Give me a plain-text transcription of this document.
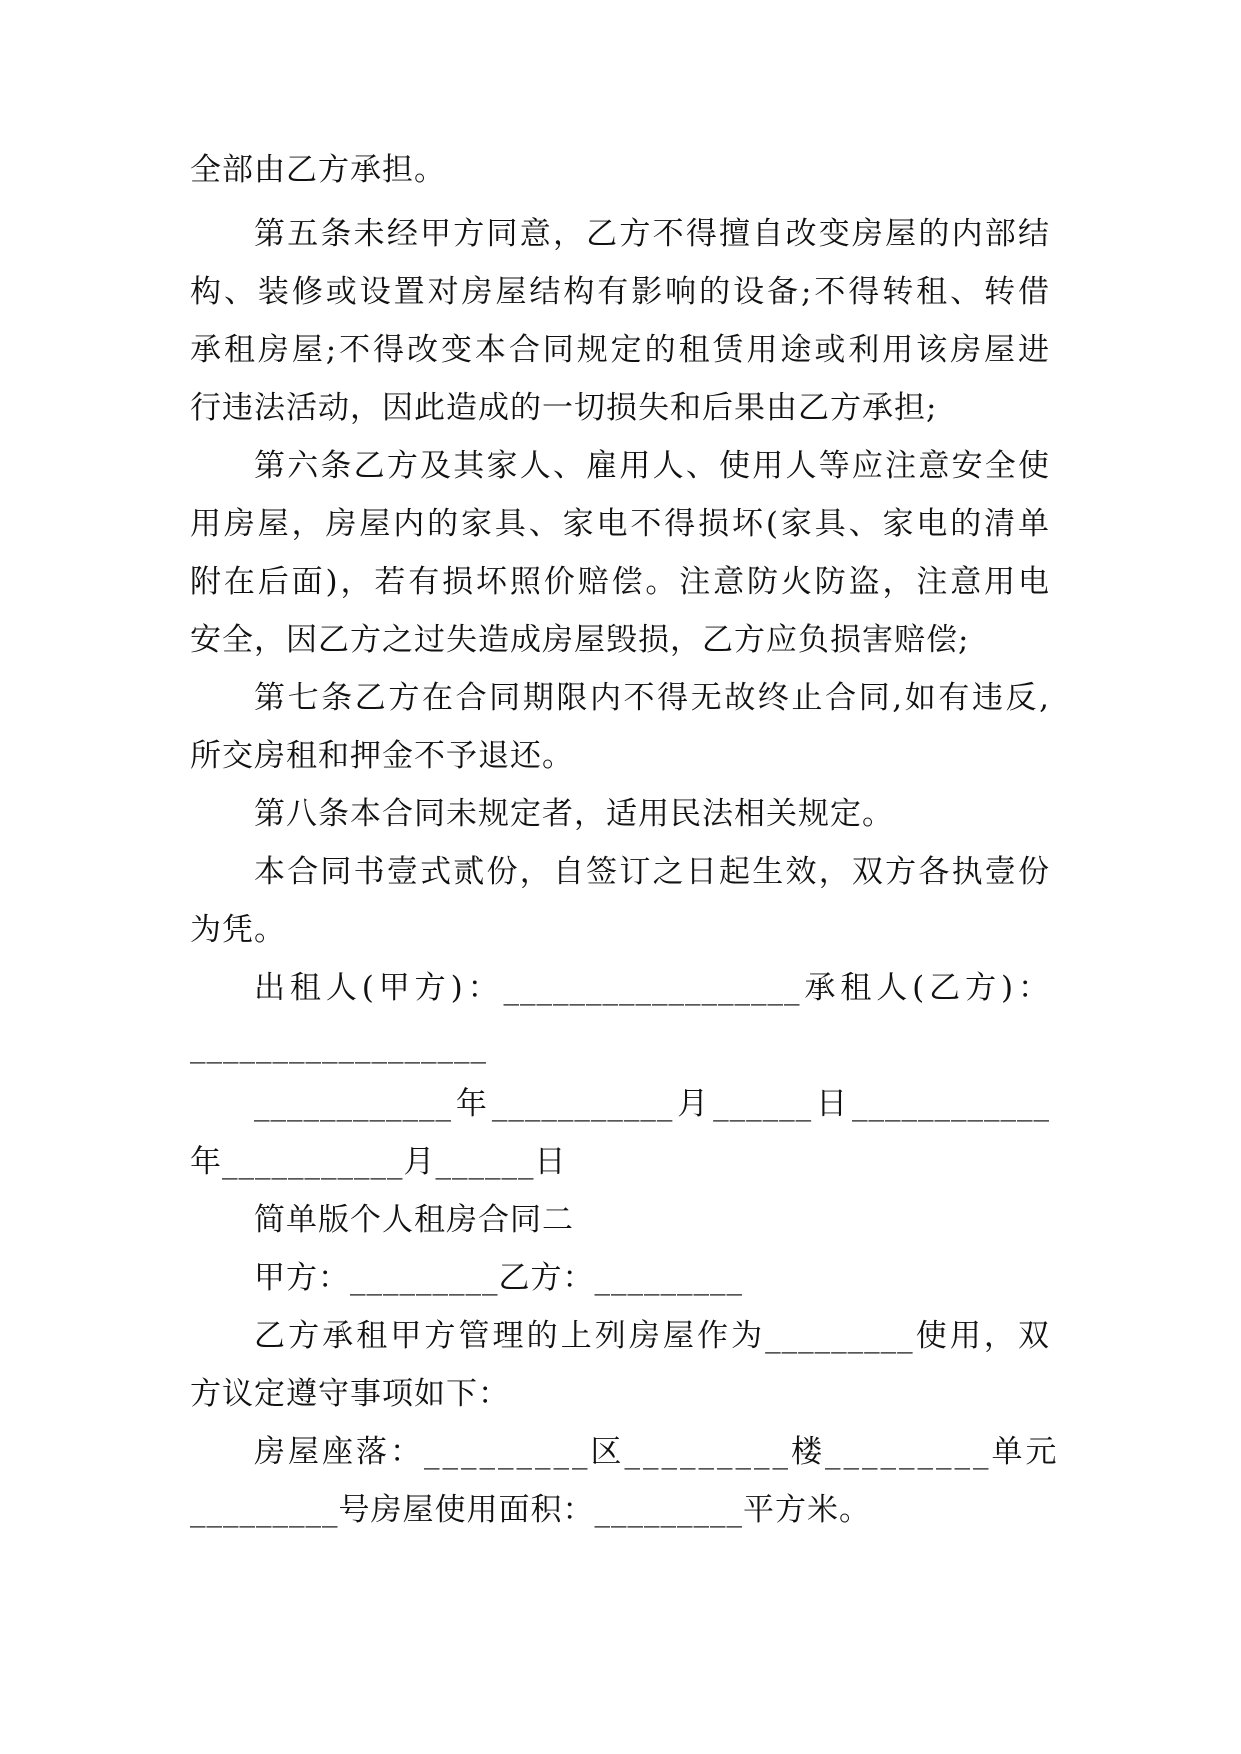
全部由乙方承担。
第五条未经甲方同意，乙方不得擅自改变房屋的内部结
构、装修或设置对房屋结构有影响的设备;不得转租、转借
承租房屋;不得改变本合同规定的租赁用途或利用该房屋进
行违法活动，因此造成的一切损失和后果由乙方承担;
第六条乙方及其家人、雇用人、使用人等应注意安全使
用房屋，房屋内的家具、家电不得损坏(家具、家电的清单
附在后面)，若有损坏照价赔偿。注意防火防盗，注意用电
安全，因乙方之过失造成房屋毁损，乙方应负损害赔偿;
第七条乙方在合同期限内不得无故终止合同,如有违反,
所交房租和押金不予退还。
第八条本合同未规定者，适用民法相关规定。
本合同书壹式贰份，自签订之日起生效，双方各执壹份
为凭。
出租人(甲方)：__________________承租人(乙方)：
__________________
____________年___________月______日____________
年___________月______日
简单版个人租房合同二
甲方：_________乙方：_________
乙方承租甲方管理的上列房屋作为_________使用，双
方议定遵守事项如下：
房屋座落：_________区_________楼_________单元
_________号房屋使用面积：_________平方米。
